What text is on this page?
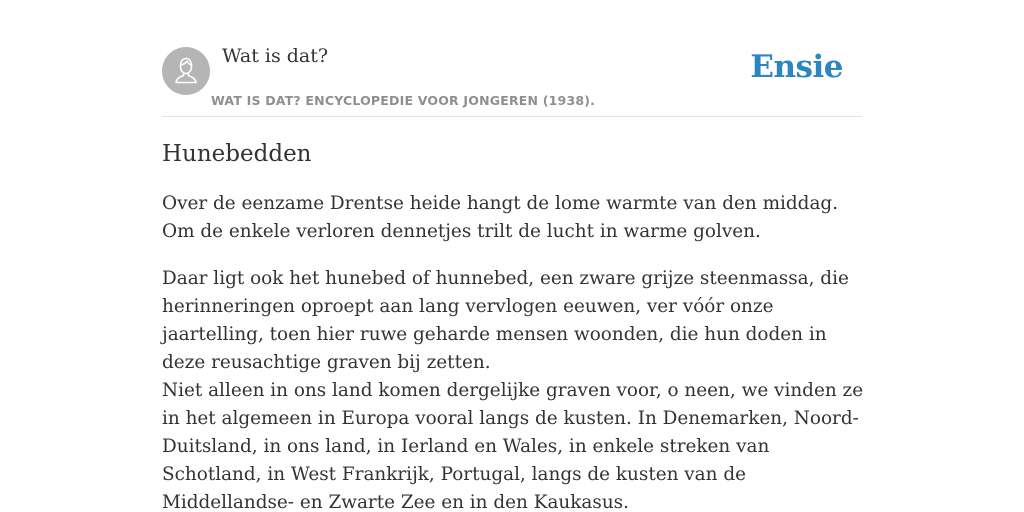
Wat is dat?
WAT IS DAT? ENCYCLOPEDIE VOOR JONGEREN (1938).
Ensie
Hunebedden

Over de eenzame Drentse heide hangt de lome warmte van den middag. Om de enkele verloren dennetjes trilt de lucht in warme golven.

Daar ligt ook het hunebed of hunnebed, een zware grijze steenmassa, die herinneringen oproept aan lang vervlogen eeuwen, ver vóór onze jaartelling, toen hier ruwe geharde mensen woonden, die hun doden in deze reusachtige graven bij zetten.

Niet alleen in ons land komen dergelijke graven voor, o neen, we vinden ze in het algemeen in Europa vooral langs de kusten. In Denemarken, Noord-Duitsland, in ons land, in Ierland en Wales, in enkele streken van Schotland, in West Frankrijk, Portugal, langs de kusten van de Middellandse- en Zwarte Zee en in den Kaukasus.
